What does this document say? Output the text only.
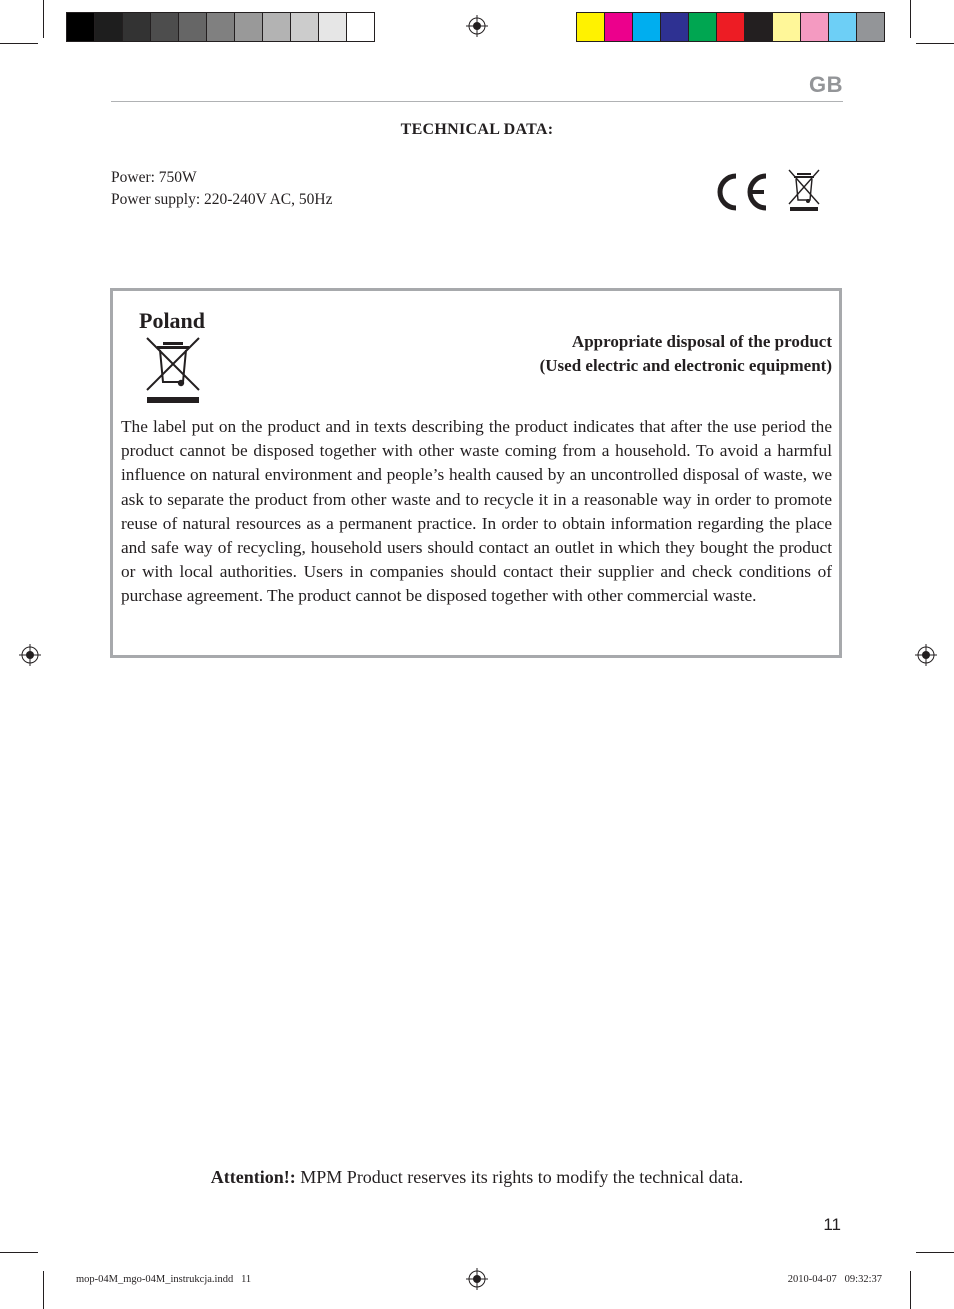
GB
TECHNICAL DATA:
Power: 750W
Power supply: 220-240V AC, 50Hz
Poland
Appropriate disposal of the product
(Used electric and electronic equipment)
The label put on the product and in texts describing the product indicates that after the use period the product cannot be disposed together with other waste coming from a household. To avoid a harmful influence on natural environment and people’s health caused by an uncontrolled disposal of waste, we ask to separate the product from other waste and to recycle it in a reasonable way in order to promote reuse of natural resources as a permanent practice. In order to obtain information regarding the place and safe way of recycling, household users should contact an outlet in which they bought the product or with local authorities. Users in companies should contact their supplier and check conditions of purchase agreement. The product cannot be disposed together with other commercial waste.
Attention!: MPM Product reserves its rights to modify the technical data.
11
mop-04M_mgo-04M_instrukcja.indd   11	2010-04-07   09:32:37
